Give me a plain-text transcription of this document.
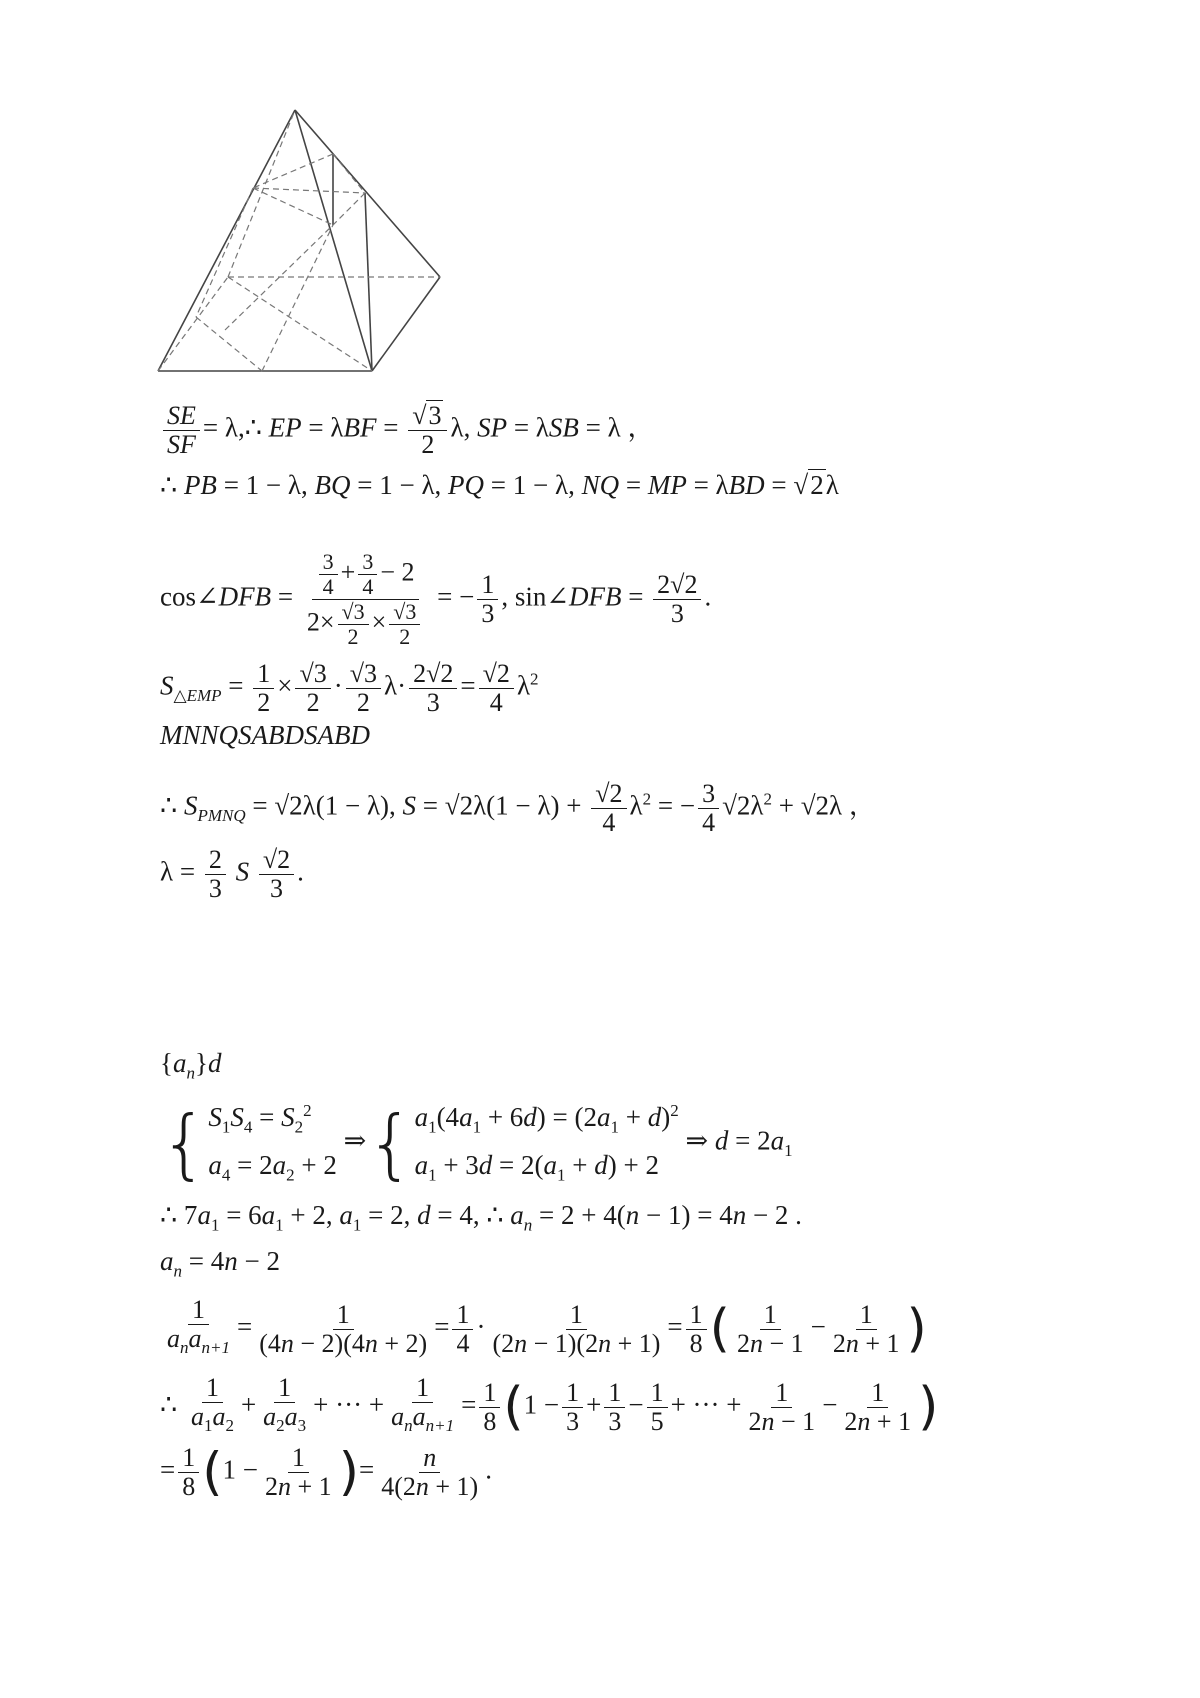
$\frac{SE}{SF}$ = λ,∴ EP = $\lambda BF = \frac{√3}{2} \lambda$, SP = λSB = λ ，
∴ PB = 1 − λ, BQ = 1 − λ, PQ = 1 − λ, NQ = MP = λBD = √2λ
cos∠DFB = $\frac{\frac{3}{4} + \frac{3}{4} - 2}{2\times \frac{√3}{2} \times \frac{√3}{2}}$ = − $\frac{1}{3}$ , sin∠DFB = $\frac{2√2}{3}$ .
$S_{\triangle EMP} = \frac{1}{2} \times \frac{√3}{2} \cdot \frac{√3}{2} \lambda\cdot \frac{2√2}{3} = \frac{√2}{4} \lambda^2$
MNNQSABDSABD
∴ $S_{PMNQ} = √2\lambda(1 - \lambda)$, $S = √2\lambda(1 - \lambda) + \frac{√2}{4} \lambda^2$ = − $\frac{3}{4} √2\lambda^2 + √2\lambda$ ，
$\lambda = \frac{2}{3}$ S $\frac{√2}{3}$ .
$\{a_n\}d$
{ $S_1S_4 = S_2^2$
$a_4 = 2a_2 + 2$
⇒{ $a_1(4a_1 + 6d) = (2a_1 + d)^2$
$a_1 + 3d = 2(a_1 + d) + 2$
⇒ $d = 2a_1$
∴ $7a_1 = 6a_1 + 2$, $a_1 = 2$, d = 4, ∴ $a_n = 2 + 4(n - 1) = 4n - 2$ .
$a_n = 4n - 2$
$\frac{1}{a_na_{n+1}} = \frac{1}{(4n - 2)(4n + 2)} = \frac{1}{4} \cdot \frac{1}{(2n - 1)(2n + 1)} = \frac{1}{8}$ ( $\frac{1}{2n - 1} - \frac{1}{2n + 1}$ )
∴ $\frac{1}{a_1a_2} + \frac{1}{a_2a_3}$ + ··· + $\frac{1}{a_na_{n+1}} = \frac{1}{8} (1 - \frac{1}{3} + \frac{1}{3} - \frac{1}{5}$ + ··· + $\frac{1}{2n - 1} - \frac{1}{2n + 1}$ )
= $\frac{1}{8} (1 - \frac{1}{2n + 1}$ )= $\frac{n}{4(2n + 1)}$ .
